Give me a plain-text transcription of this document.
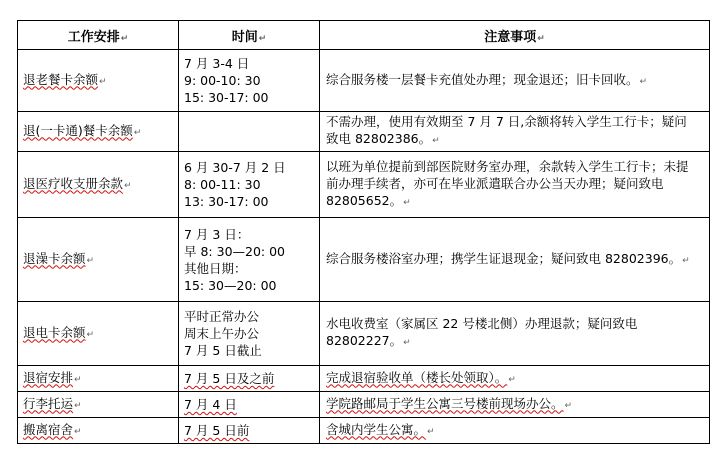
工作安排↵	时间↵	注意事项↵
退老餐卡余额↵	7 月 3-4 日
9: 00-10: 30
15: 30-17: 00	综合服务楼一层餐卡充值处办理；现金退还；旧卡回收。↵
退(一卡通)餐卡余额↵		不需办理，使用有效期至 7 月 7 日,余额将转入学生工行卡；疑问致电 82802386。↵
退医疗收支册余款↵	6 月 30-7 月 2 日
8: 00-11: 30
13: 30-17: 00	以班为单位提前到部医院财务室办理，余款转入学生工行卡；未提前办理手续者，亦可在毕业派遣联合办公当天办理；疑问致电 82805652。↵
退澡卡余额↵	7 月 3 日：
早 8: 30—20: 00
其他日期：
15: 30—20: 00	综合服务楼浴室办理；携学生证退现金；疑问致电 82802396。↵
退电卡余额↵	平时正常办公
周末上午办公
7 月 5 日截止	水电收费室（家属区 22 号楼北侧）办理退款；疑问致电 82802227。↵
退宿安排↵	7 月 5 日及之前	完成退宿验收单（楼长处领取）。↵
行李托运↵	7 月 4 日	学院路邮局于学生公寓三号楼前现场办公。↵
搬离宿舍↵	7 月 5 日前	含城内学生公寓。↵
